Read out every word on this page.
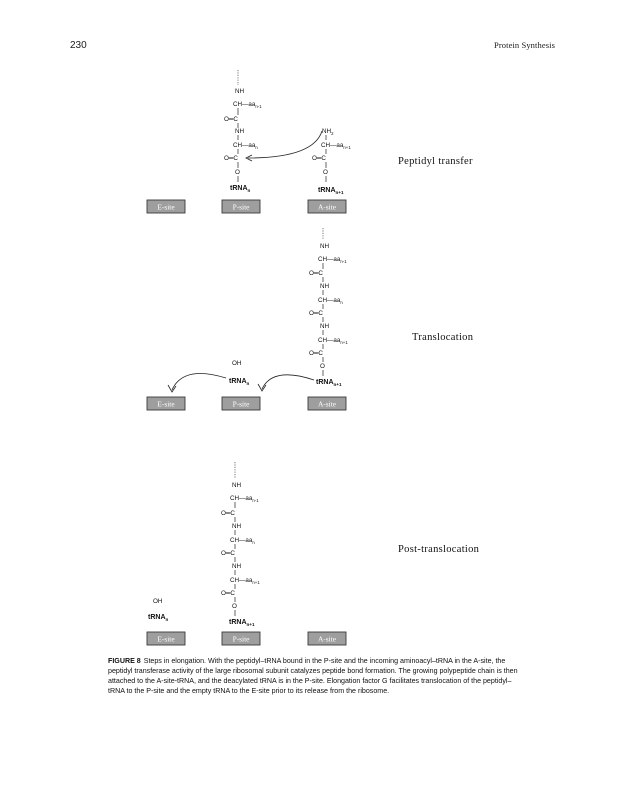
230	Protein Synthesis
NH
$CH—aa_{n-1}$
O═C
NH
$CH—aa_n$
O═C
O
tRNA$_n$
$NH_2$
$CH—aa_{n+1}$
O═C
O
tRNA$_{n+1}$
Peptidyl transfer
E-site	P-site	A-site
NH
$CH—aa_{n-1}$
O═C
NH
$CH—aa_n$
O═C
NH
$CH—aa_{n+1}$
O═C
O
tRNA$_{n+1}$
OH
tRNA$_n$
Translocation
E-site	P-site	A-site
NH
$CH—aa_{n-1}$
O═C
NH
$CH—aa_n$
O═C
NH
$CH—aa_{n+1}$
O═C
O
tRNA$_{n+1}$
OH
tRNA$_n$
Post-translocation
E-site	P-site	A-site
FIGURE 8 Steps in elongation. With the peptidyl–tRNA bound in the P-site and the incoming aminoacyl–tRNA in the A-site, the peptidyl transferase activity of the large ribosomal subunit catalyzes peptide bond formation. The growing polypeptide chain is then attached to the A-site-tRNA, and the deacylated tRNA is in the P-site. Elongation factor G facilitates translocation of the peptidyl–tRNA to the P-site and the empty tRNA to the E-site prior to its release from the ribosome.
